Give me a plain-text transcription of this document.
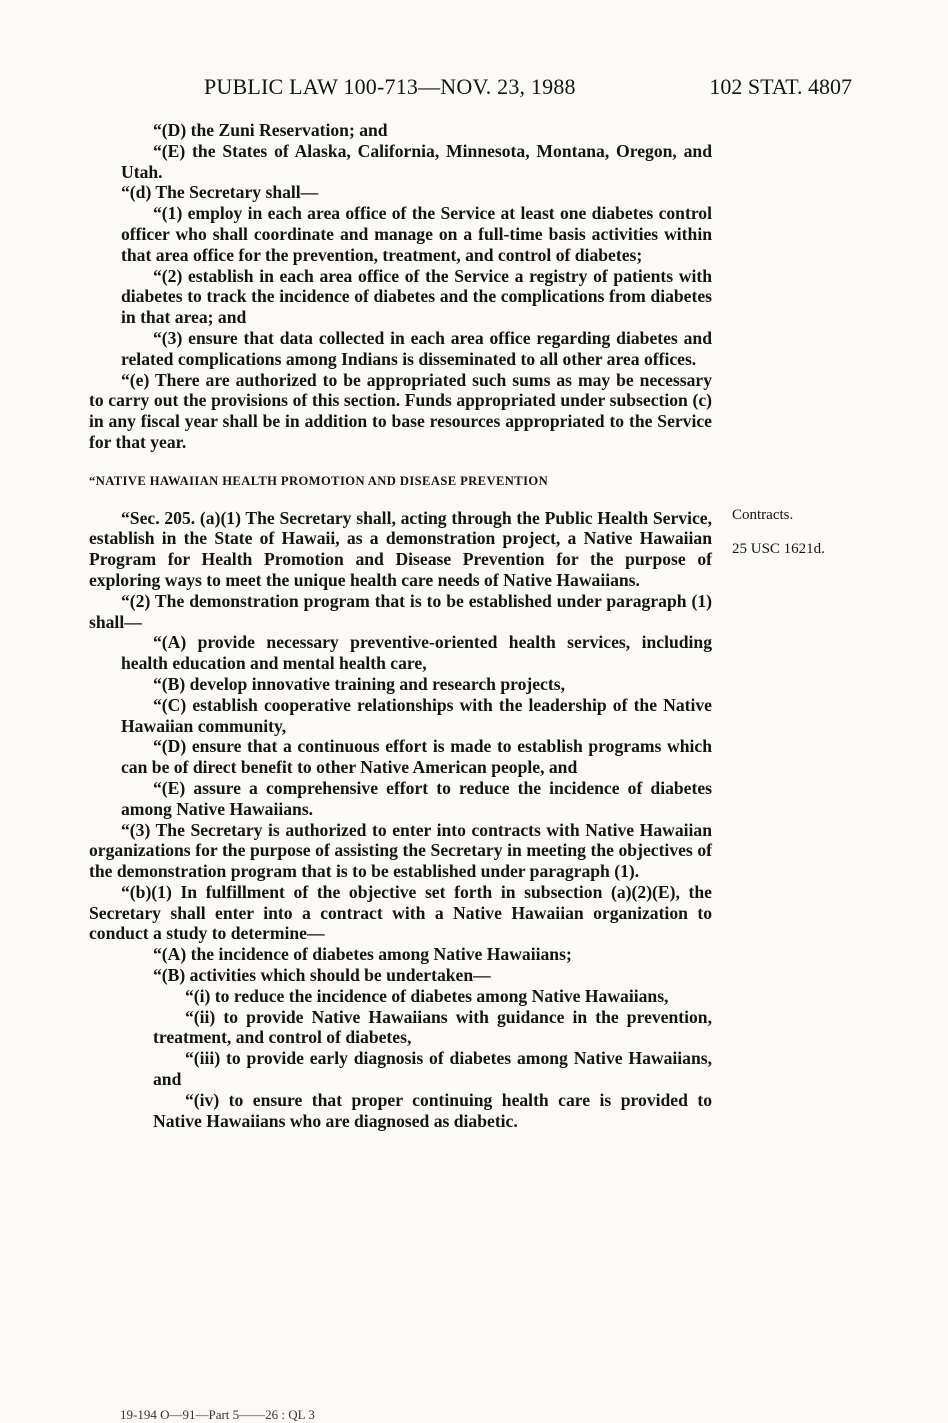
PUBLIC LAW 100-713—NOV. 23, 1988	102 STAT. 4807

“(D) the Zuni Reservation; and

“(E) the States of Alaska, California, Minnesota, Montana, Oregon, and Utah.

“(d) The Secretary shall—

“(1) employ in each area office of the Service at least one diabetes control officer who shall coordinate and manage on a full-time basis activities within that area office for the prevention, treatment, and control of diabetes;

“(2) establish in each area office of the Service a registry of patients with diabetes to track the incidence of diabetes and the complications from diabetes in that area; and

“(3) ensure that data collected in each area office regarding diabetes and related complications among Indians is disseminated to all other area offices.

“(e) There are authorized to be appropriated such sums as may be necessary to carry out the provisions of this section. Funds appropriated under subsection (c) in any fiscal year shall be in addition to base resources appropriated to the Service for that year.

“NATIVE HAWAIIAN HEALTH PROMOTION AND DISEASE PREVENTION

“Sec. 205. (a)(1) The Secretary shall, acting through the Public Health Service, establish in the State of Hawaii, as a demonstration project, a Native Hawaiian Program for Health Promotion and Disease Prevention for the purpose of exploring ways to meet the unique health care needs of Native Hawaiians.

“(2) The demonstration program that is to be established under paragraph (1) shall—

“(A) provide necessary preventive-oriented health services, including health education and mental health care,

“(B) develop innovative training and research projects,

“(C) establish cooperative relationships with the leadership of the Native Hawaiian community,

“(D) ensure that a continuous effort is made to establish programs which can be of direct benefit to other Native American people, and

“(E) assure a comprehensive effort to reduce the incidence of diabetes among Native Hawaiians.

“(3) The Secretary is authorized to enter into contracts with Native Hawaiian organizations for the purpose of assisting the Secretary in meeting the objectives of the demonstration program that is to be established under paragraph (1).

“(b)(1) In fulfillment of the objective set forth in subsection (a)(2)(E), the Secretary shall enter into a contract with a Native Hawaiian organization to conduct a study to determine—

“(A) the incidence of diabetes among Native Hawaiians;

“(B) activities which should be undertaken—

“(i) to reduce the incidence of diabetes among Native Hawaiians,

“(ii) to provide Native Hawaiians with guidance in the prevention, treatment, and control of diabetes,

“(iii) to provide early diagnosis of diabetes among Native Hawaiians, and

“(iv) to ensure that proper continuing health care is provided to Native Hawaiians who are diagnosed as diabetic.

Contracts.
25 USC 1621d.
19-194 O—91—Part 5——26 : QL 3
